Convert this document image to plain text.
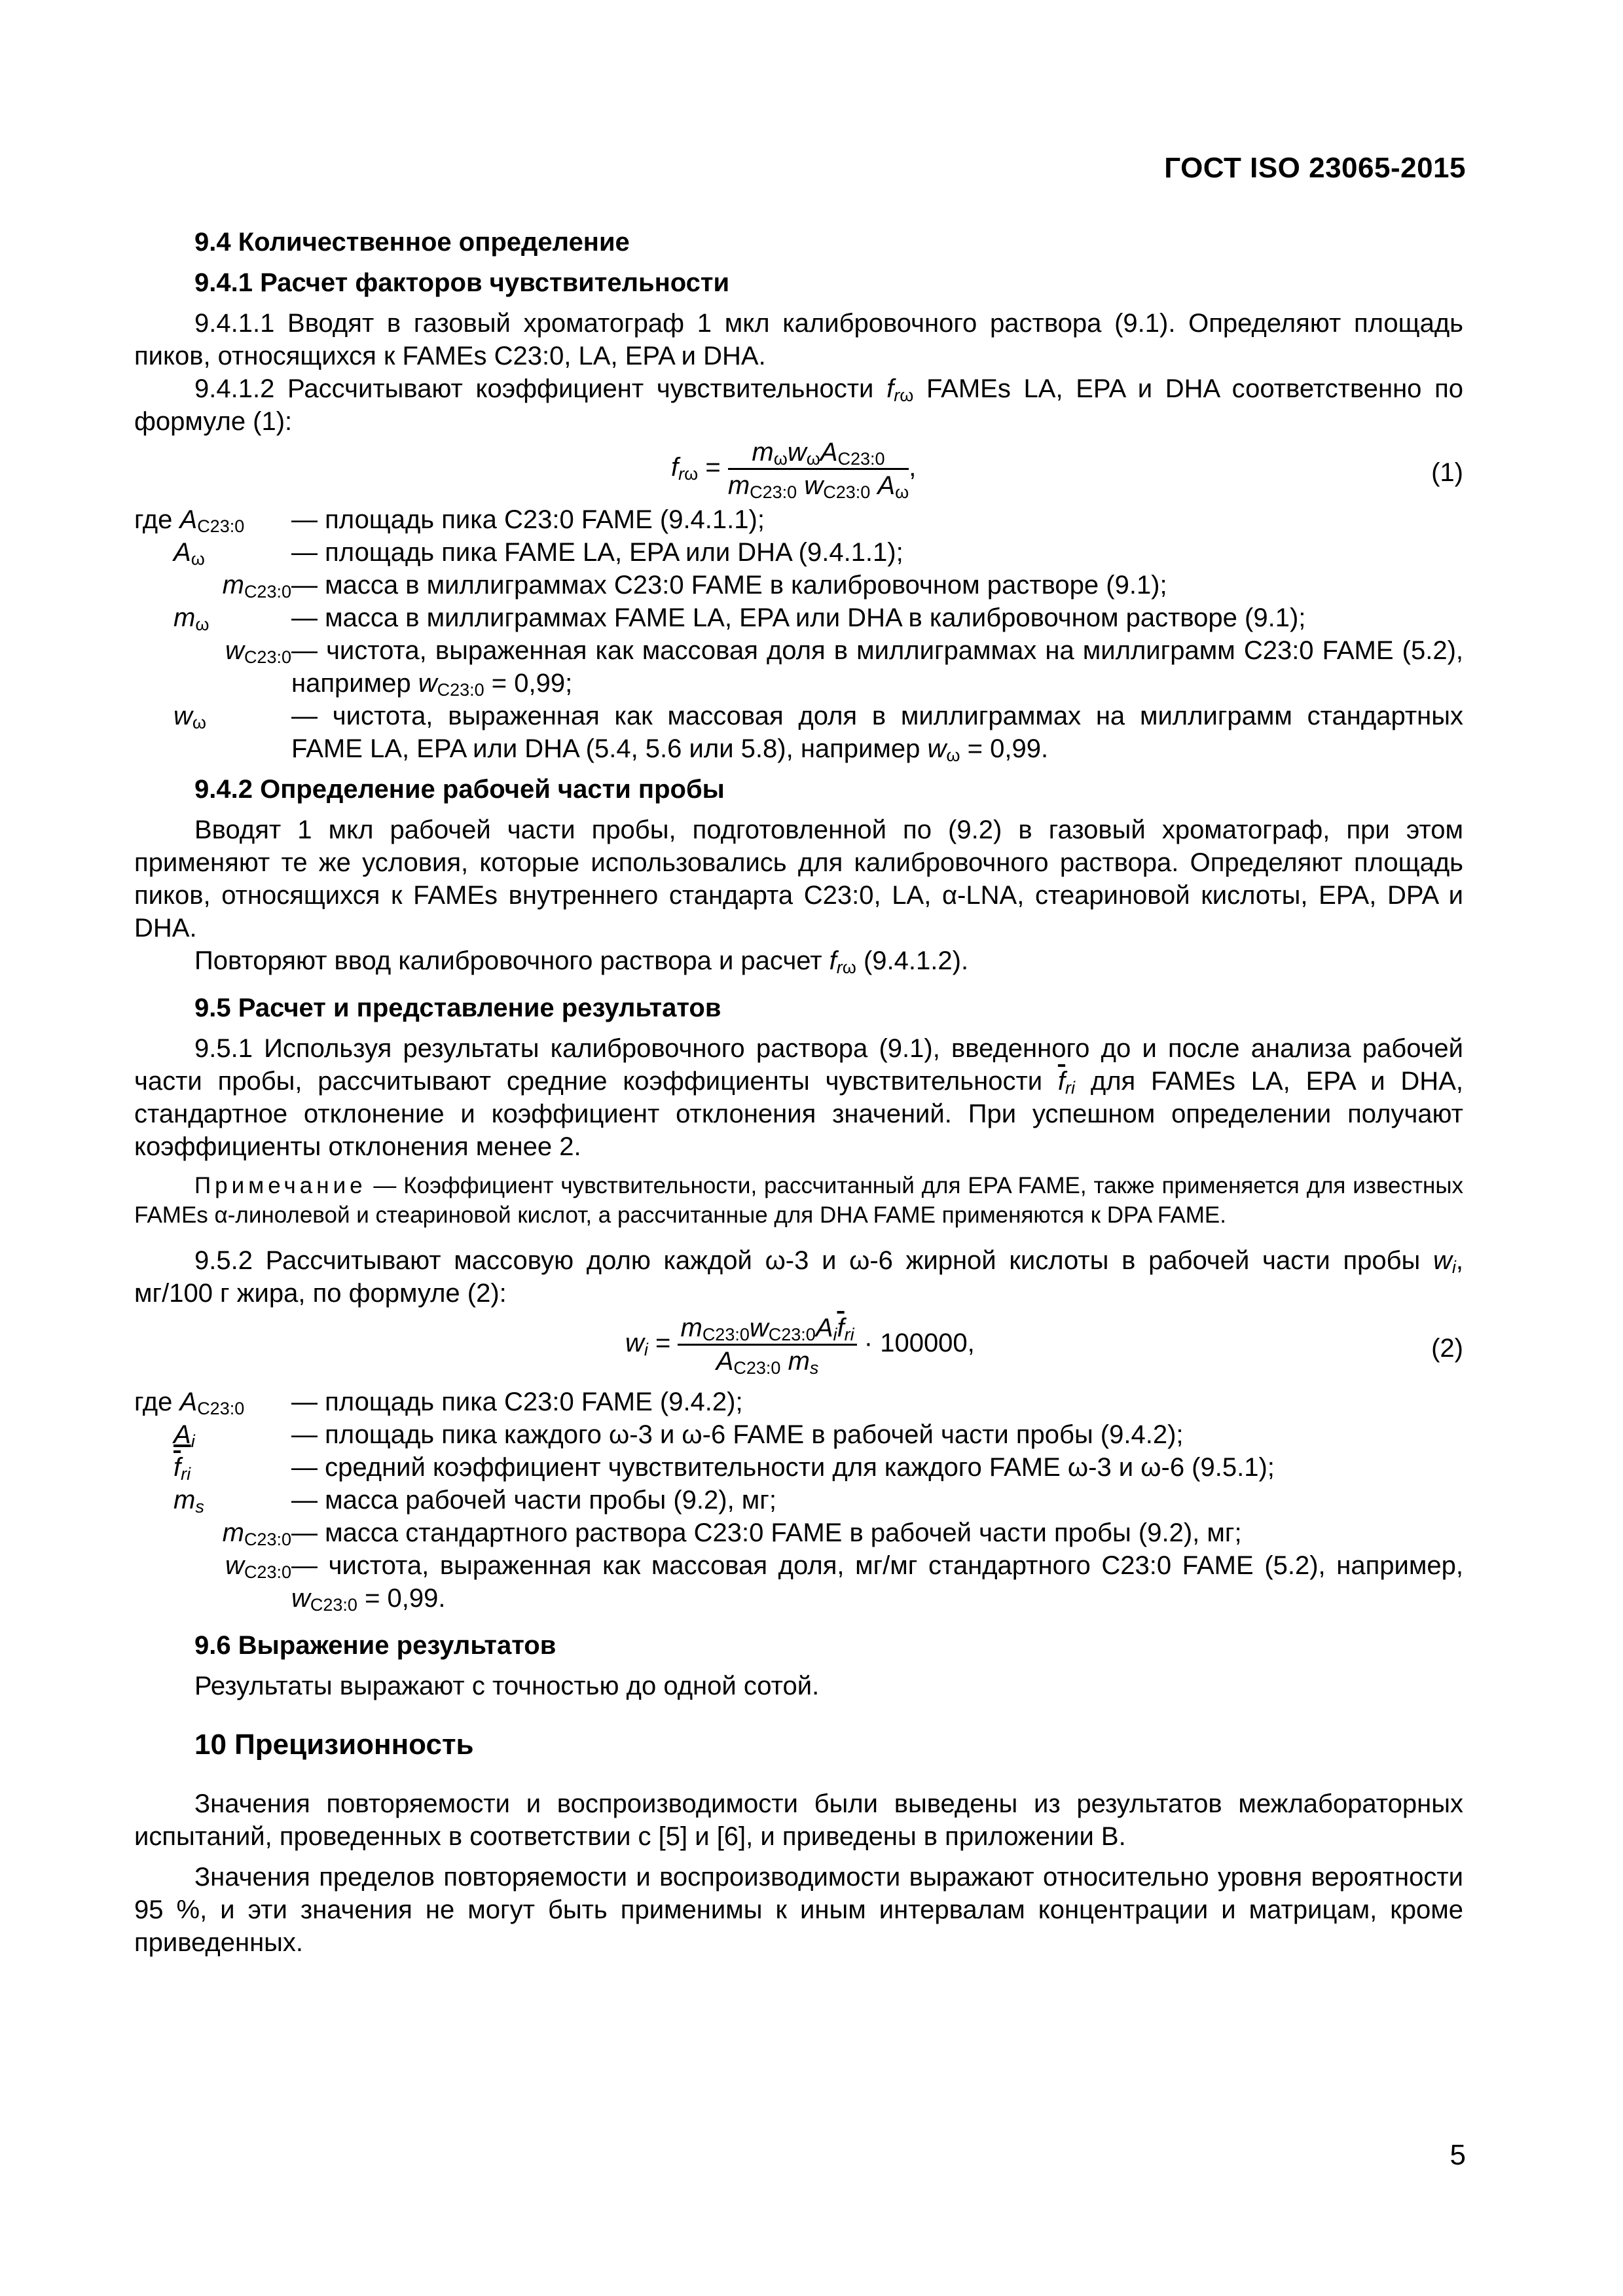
ГОСТ ISO 23065-2015
9.4 Количественное определение
9.4.1 Расчет факторов чувствительности

9.4.1.1 Вводят в газовый хроматограф 1 мкл калибровочного раствора (9.1). Определяют площадь пиков, относящихся к FAMEs C23:0, LA, EPA и DHA.

9.4.1.2 Рассчитывают коэффициент чувствительности $f_{r\omega}$ FAMEs LA, EPA и DHA соответственно по формуле (1):

$f_{r\omega} = \frac{m_\omega w_\omega A_{C23:0}}{m_{C23:0} w_{C23:0} A_\omega}$ ,	(1)
где $A_{C23:0}$	— площадь пика C23:0 FAME (9.4.1.1);
$A_\omega$	— площадь пика FAME LA, EPA или DHA (9.4.1.1);
$m_{C23:0}$	— масса в миллиграммах C23:0 FAME в калибровочном растворе (9.1);
$m_\omega$	— масса в миллиграммах FAME LA, EPA или DHA в калибровочном растворе (9.1);
$w_{C23:0}$	— чистота, выраженная как массовая доля в миллиграммах на миллиграмм C23:0 FAME (5.2), например $w_{C23:0} = 0,99$;
$w_\omega$	— чистота, выраженная как массовая доля в миллиграммах на миллиграмм стандартных FAME LA, EPA или DHA (5.4, 5.6 или 5.8), например $w_\omega = 0,99$.
9.4.2 Определение рабочей части пробы

Вводят 1 мкл рабочей части пробы, подготовленной по (9.2) в газовый хроматограф, при этом применяют те же условия, которые использовались для калибровочного раствора. Определяют площадь пиков, относящихся к FAMEs внутреннего стандарта C23:0, LA, α-LNA, стеариновой кислоты, EPA, DPA и DHA.

Повторяют ввод калибровочного раствора и расчет $f_{r\omega}$ (9.4.1.2).

9.5 Расчет и представление результатов

9.5.1 Используя результаты калибровочного раствора (9.1), введенного до и после анализа рабочей части пробы, рассчитывают средние коэффициенты чувствительности $\overline{f}_{ri}$ для FAMEs LA, EPA и DHA, стандартное отклонение и коэффициент отклонения значений. При успешном определении получают коэффициенты отклонения менее 2.

Примечание — Коэффициент чувствительности, рассчитанный для EPA FAME, также применяется для известных FAMEs α-линолевой и стеариновой кислот, а рассчитанные для DHA FAME применяются к DPA FAME.

9.5.2 Рассчитывают массовую долю каждой ω-3 и ω-6 жирной кислоты в рабочей части пробы $w_i$, мг/100 г жира, по формуле (2):

$w_i = \frac{m_{C23:0}w_{C23:0}A_i\overline{f}_{ri}}{A_{C23:0} m_s} \cdot 100000$,	(2)
где $A_{C23:0}$	— площадь пика C23:0 FAME (9.4.2);
$A_i$	— площадь пика каждого ω-3 и ω-6 FAME в рабочей части пробы (9.4.2);
$\overline{f}_{ri}$	— средний коэффициент чувствительности для каждого FAME ω-3 и ω-6 (9.5.1);
$m_s$	— масса рабочей части пробы (9.2), мг;
$m_{C23:0}$	— масса стандартного раствора C23:0 FAME в рабочей части пробы (9.2), мг;
$w_{C23:0}$	— чистота, выраженная как массовая доля, мг/мг стандартного C23:0 FAME (5.2), например, $w_{C23:0} = 0,99$.
9.6 Выражение результатов

Результаты выражают с точностью до одной сотой.

10 Прецизионность

Значения повторяемости и воспроизводимости были выведены из результатов межлабораторных испытаний, проведенных в соответствии с [5] и [6], и приведены в приложении В.

Значения пределов повторяемости и воспроизводимости выражают относительно уровня вероятности 95 %, и эти значения не могут быть применимы к иным интервалам концентрации и матрицам, кроме приведенных.

5
